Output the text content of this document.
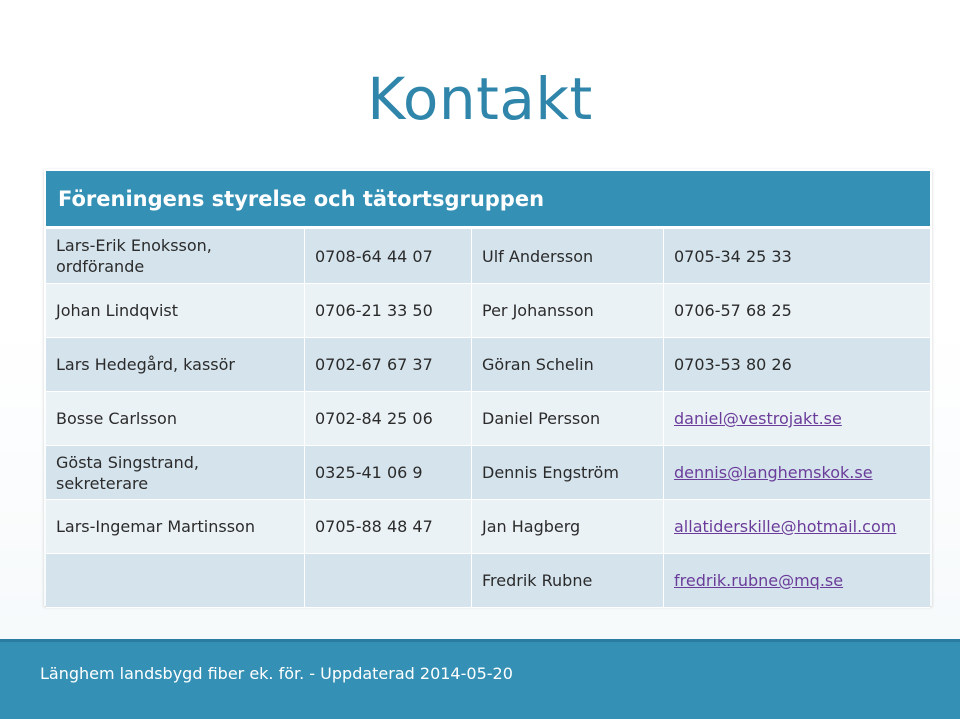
Kontakt
Föreningens styrelse och tätortsgruppen			
Lars-Erik Enoksson, ordförande	0708-64 44 07	Ulf Andersson	0705-34 25 33
Johan Lindqvist	0706-21 33 50	Per Johansson	0706-57 68 25
Lars Hedegård, kassör	0702-67 67 37	Göran Schelin	0703-53 80 26
Bosse Carlsson	0702-84 25 06	Daniel Persson	daniel@vestrojakt.se
Gösta Singstrand, sekreterare	0325-41 06 9	Dennis Engström	dennis@langhemskok.se
Lars-Ingemar Martinsson	0705-88 48 47	Jan Hagberg	allatiderskille@hotmail.com
		Fredrik Rubne	fredrik.rubne@mq.se
Länghem landsbygd fiber ek. för. - Uppdaterad 2014-05-20
